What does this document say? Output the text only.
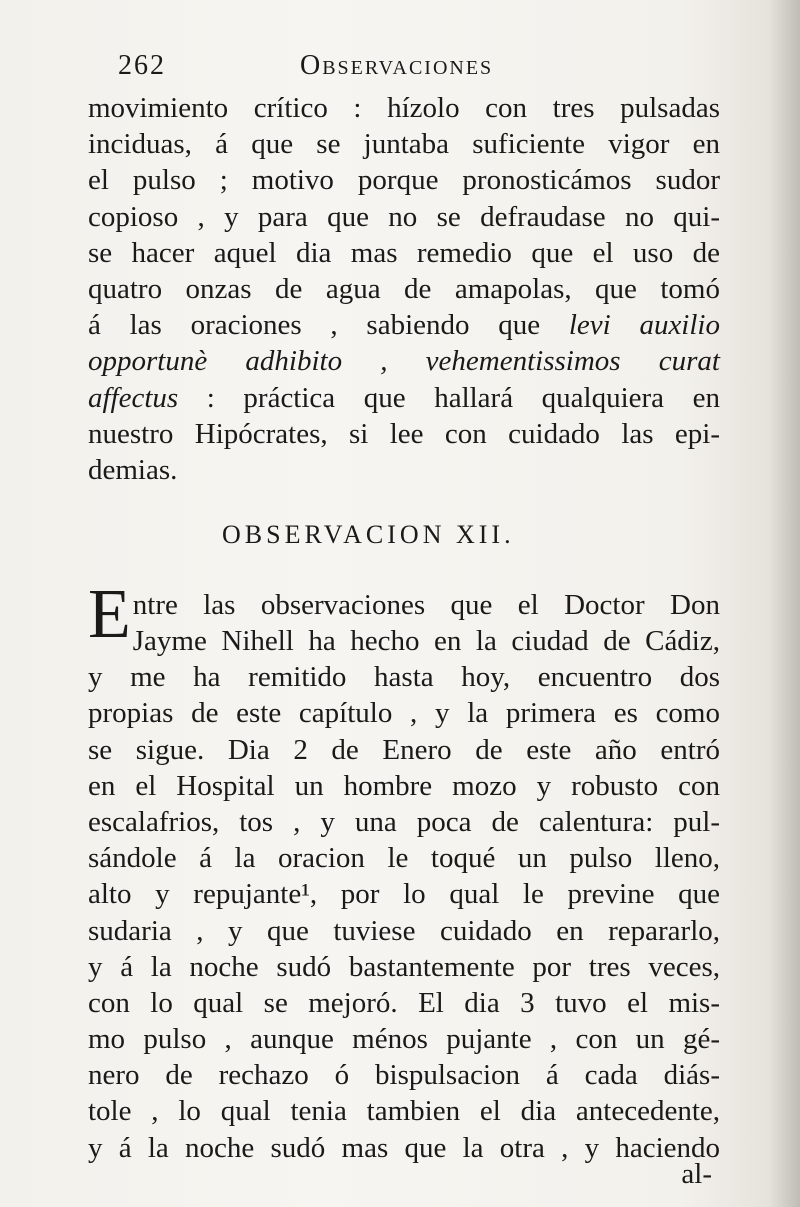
262	Observaciones
movimiento crítico : hízolo con tres pulsadas
inciduas, á que se juntaba suficiente vigor en
el pulso ; motivo porque pronosticámos sudor
copioso , y para que no se defraudase no qui-
se hacer aquel dia mas remedio que el uso de
quatro onzas de agua de amapolas, que tomó
á las oraciones , sabiendo que levi auxilio
opportunè adhibito , vehementissimos curat
affectus : práctica que hallará qualquiera en
nuestro Hipócrates, si lee con cuidado las epi-
demias.
OBSERVACION XII.
Entre las observaciones que el Doctor Don
Jayme Nihell ha hecho en la ciudad de Cádiz,
y me ha remitido hasta hoy, encuentro dos
propias de este capítulo , y la primera es como
se sigue. Dia 2 de Enero de este año entró
en el Hospital un hombre mozo y robusto con
escalafrios, tos , y una poca de calentura: pul-
sándole á la oracion le toqué un pulso lleno,
alto y repujante¹, por lo qual le previne que
sudaria , y que tuviese cuidado en repararlo,
y á la noche sudó bastantemente por tres veces,
con lo qual se mejoró. El dia 3 tuvo el mis-
mo pulso , aunque ménos pujante , con un gé-
nero de rechazo ó bispulsacion á cada diás-
tole , lo qual tenia tambien el dia antecedente,
y á la noche sudó mas que la otra , y haciendo
al-
